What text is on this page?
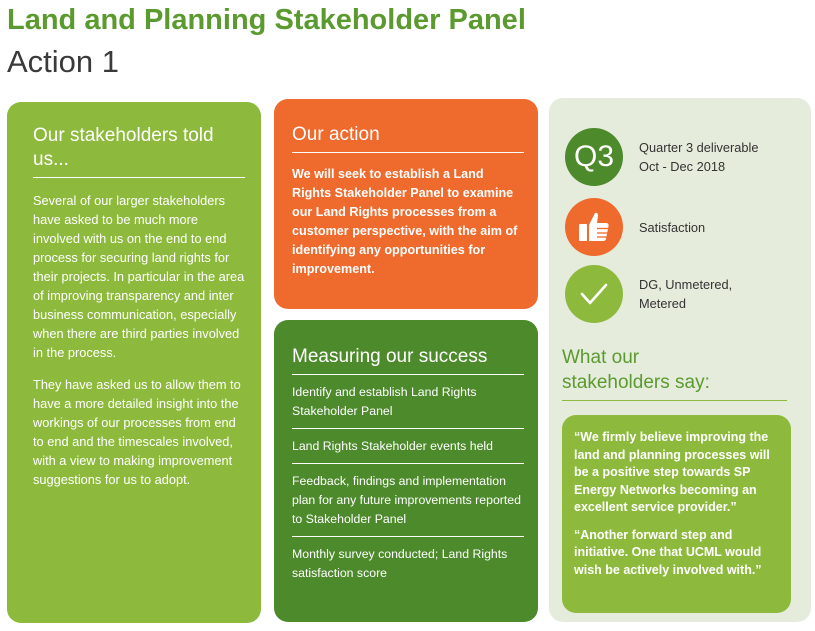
Land and Planning Stakeholder Panel
Action 1
Our stakeholders told us...

Several of our larger stakeholders have asked to be much more involved with us on the end to end process for securing land rights for their projects. In particular in the area of improving transparency and inter business communication, especially when there are third parties involved in the process.

They have asked us to allow them to have a more detailed insight into the workings of our processes from end to end and the timescales involved, with a view to making improvement suggestions for us to adopt.

Our action

We will seek to establish a Land Rights Stakeholder Panel to examine our Land Rights processes from a customer perspective, with the aim of identifying any opportunities for improvement.

Measuring our success
Identify and establish Land Rights Stakeholder Panel
Land Rights Stakeholder events held
Feedback, findings and implementation plan for any future improvements reported to Stakeholder Panel
Monthly survey conducted; Land Rights satisfaction score
Q3	Quarter 3 deliverable
Oct - Dec 2018
Satisfaction
DG, Unmetered,
Metered
What our stakeholders say:

“We firmly believe improving the land and planning processes will be a positive step towards SP Energy Networks becoming an excellent service provider.”

“Another forward step and initiative. One that UCML would wish be actively involved with.”
